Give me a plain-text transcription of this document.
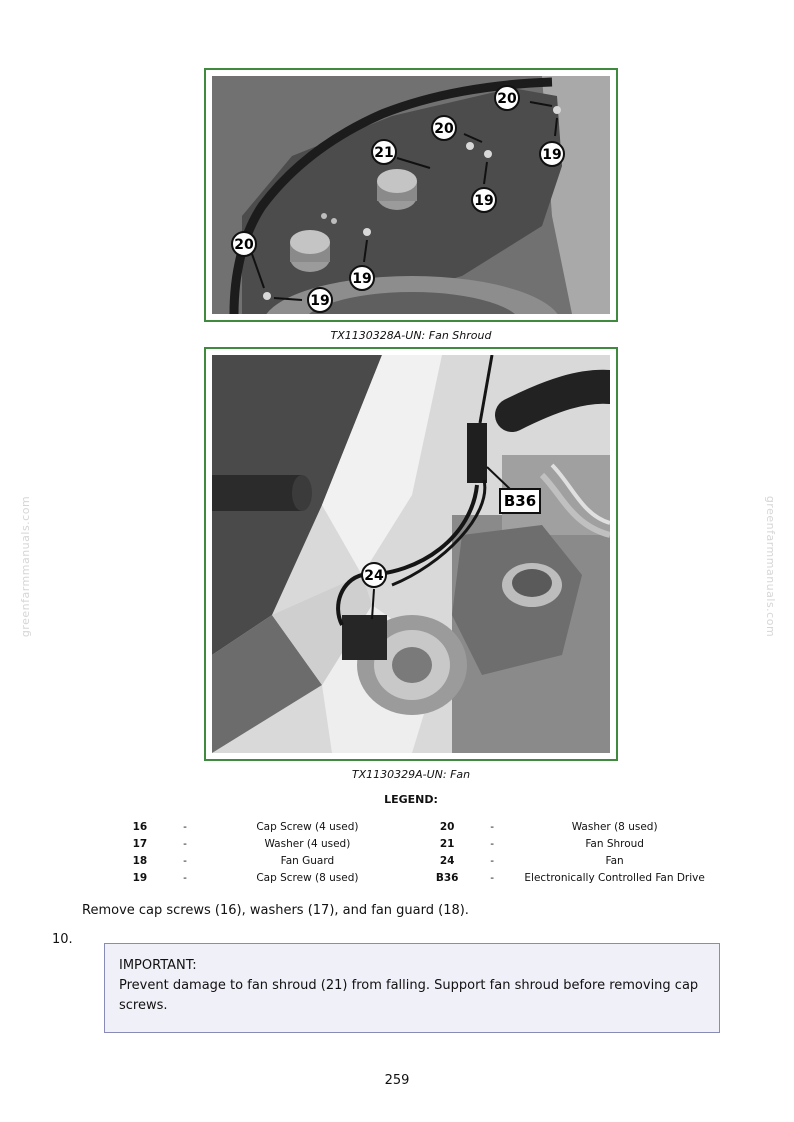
greenfarmmanuals.com	greenfarmmanuals.com
20
20
21	19
20
19
19
19
TX1130328A-UN: Fan Shroud
B36
24
TX1130329A-UN: Fan
LEGEND:
16	-	Cap Screw (4 used)		20	-	Washer (8 used)
17	-	Washer (4 used)		21	-	Fan Shroud
18	-	Fan Guard		24	-	Fan
19	-	Cap Screw (8 used)		B36	-	Electronically Controlled Fan Drive
Remove cap screws (16), washers (17), and fan guard (18).
10.
IMPORTANT:
Prevent damage to fan shroud (21) from falling. Support fan shroud before removing cap screws.
259
